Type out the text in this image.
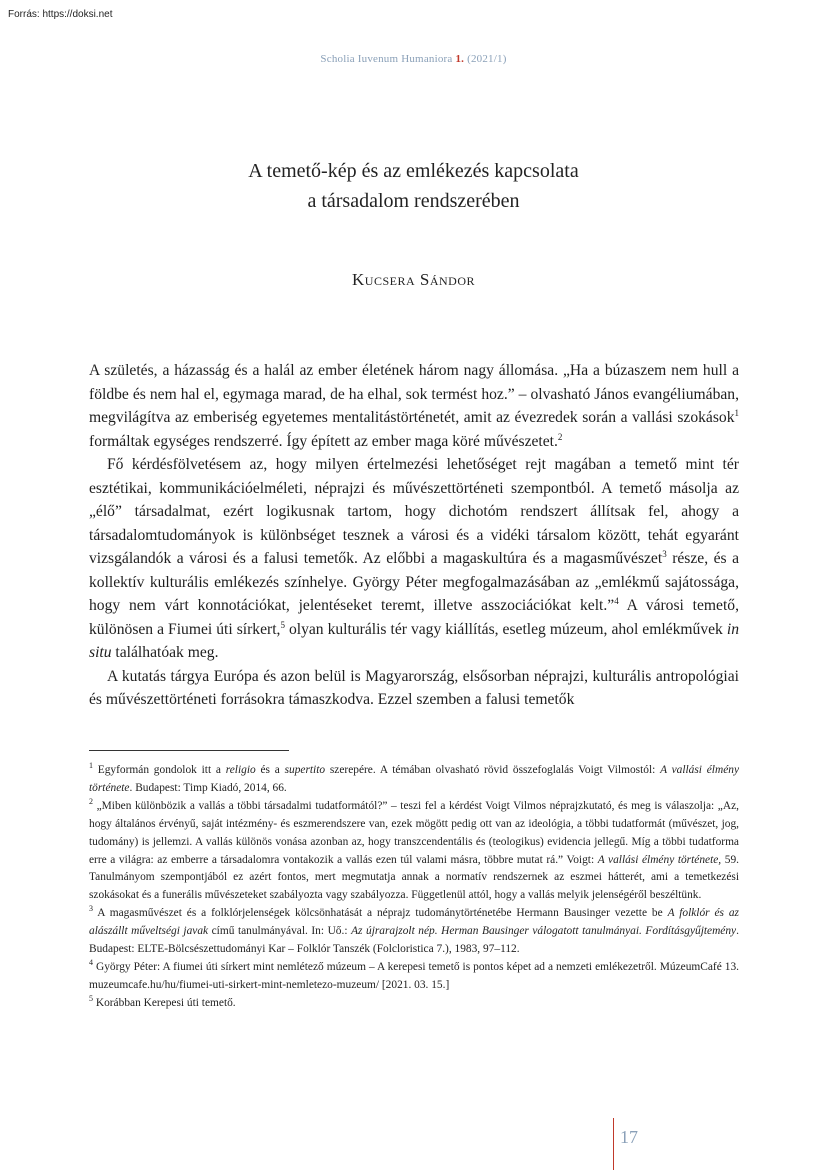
Forrás: https://doksi.net
Scholia Iuvenum Humaniora 1. (2021/1)
A temető-kép és az emlékezés kapcsolata
a társadalom rendszerében
Kucsera Sándor

A születés, a házasság és a halál az ember életének három nagy állomása. „Ha a búzaszem nem hull a földbe és nem hal el, egymaga marad, de ha elhal, sok termést hoz.” – olvasható János evangéliumában, megvilágítva az emberiség egyetemes mentalitástörténetét, amit az évezredek során a vallási szokások$^1$ formáltak egységes rendszerré. Így épített az ember maga köré művészetet.$^2$

Fő kérdésfölvetésem az, hogy milyen értelmezési lehetőséget rejt magában a temető mint tér esztétikai, kommunikációelméleti, néprajzi és művészettörténeti szempontból. A temető másolja az „élő” társadalmat, ezért logikusnak tartom, hogy dichotóm rendszert állítsak fel, ahogy a társadalomtudományok is különbséget tesznek a városi és a vidéki társalom között, tehát egyaránt vizsgálandók a városi és a falusi temetők. Az előbbi a magaskultúra és a magasművészet$^3$ része, és a kollektív kulturális emlékezés színhelye. György Péter megfogalmazásában az „emlékmű sajátossága, hogy nem várt konnotációkat, jelentéseket teremt, illetve asszociációkat kelt.”$^4$ A városi temető, különösen a Fiumei úti sírkert,$^5$ olyan kulturális tér vagy kiállítás, esetleg múzeum, ahol emlékművek in situ találhatóak meg.

A kutatás tárgya Európa és azon belül is Magyarország, elsősorban néprajzi, kulturális antropológiai és művészettörténeti forrásokra támaszkodva. Ezzel szemben a falusi temetők

$^1$ Egyformán gondolok itt a religio és a supertito szerepére. A témában olvasható rövid összefoglalás Voigt Vilmostól: A vallási élmény története. Budapest: Timp Kiadó, 2014, 66.

$^2$ „Miben különbözik a vallás a többi társadalmi tudatformától?” – teszi fel a kérdést Voigt Vilmos néprajzkutató, és meg is válaszolja: „Az, hogy általános érvényű, saját intézmény- és eszmerendszere van, ezek mögött pedig ott van az ideológia, a többi tudatformát (művészet, jog, tudomány) is jellemzi. A vallás különös vonása azonban az, hogy transzcendentális és (teologikus) evidencia jellegű. Míg a többi tudatforma erre a világra: az emberre a társadalomra vontakozik a vallás ezen túl valami másra, többre mutat rá.” Voigt: A vallási élmény története, 59. Tanulmányom szempontjából ez azért fontos, mert megmutatja annak a normatív rendszernek az eszmei hátterét, ami a temetkezési szokásokat és a funerális művészeteket szabályozta vagy szabályozza. Függetlenül attól, hogy a vallás melyik jelenségéről beszéltünk.

$^3$ A magasművészet és a folklórjelenségek kölcsönhatását a néprajz tudománytörténetébe Hermann Bausinger vezette be A folklór és az alászállt műveltségi javak című tanulmányával. In: Uő.: Az újrarajzolt nép. Herman Bausinger válogatott tanulmányai. Fordításgyűjtemény. Budapest: ELTE-Bölcsészettudományi Kar – Folklór Tanszék (Folcloristica 7.), 1983, 97–112.

$^4$ György Péter: A fiumei úti sírkert mint nemlétező múzeum – A kerepesi temető is pontos képet ad a nemzeti emlékezetről. MúzeumCafé 13. muzeumcafe.hu/hu/fiumei-uti-sirkert-mint-nemletezo-muzeum/ [2021. 03. 15.]

$^5$ Korábban Kerepesi úti temető.

17
